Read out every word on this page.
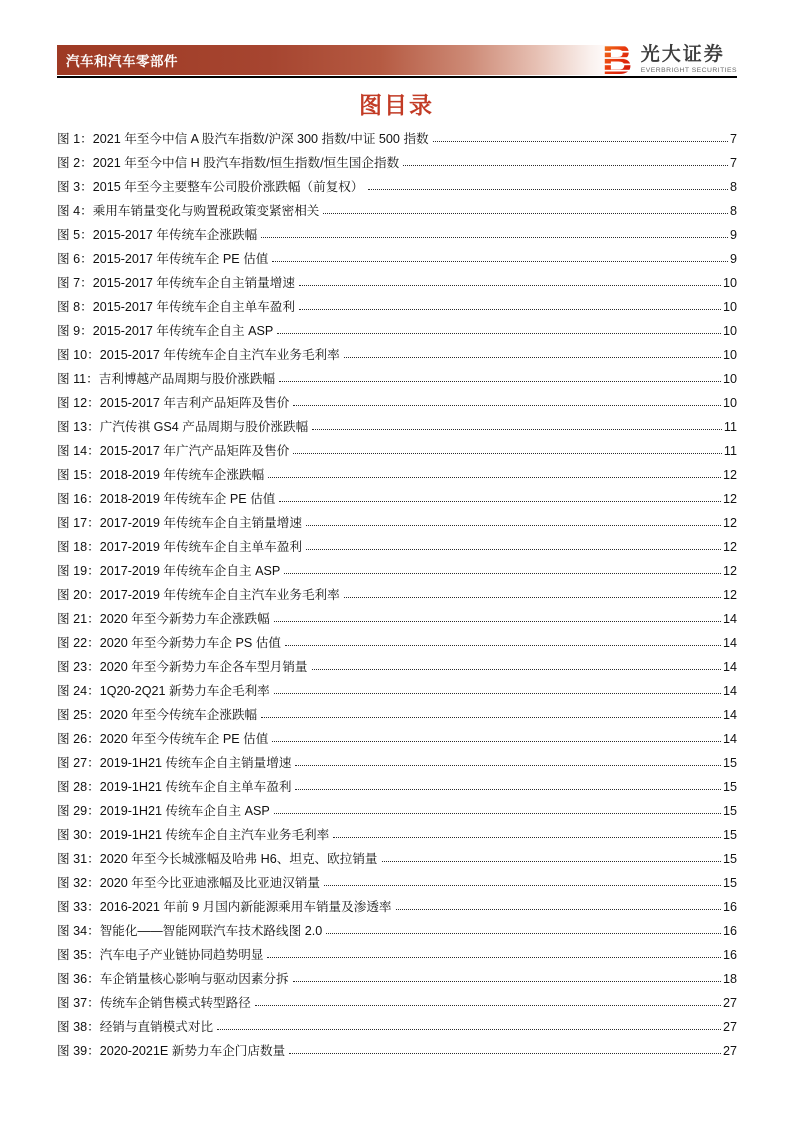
汽车和汽车零部件	光大证券
EVERBRIGHT SECURITIES
图目录
图 1： 2021 年至今中信 A 股汽车指数/沪深 300 指数/中证 500 指数	7
图 2： 2021 年至今中信 H 股汽车指数/恒生指数/恒生国企指数	7
图 3： 2015 年至今主要整车公司股价涨跌幅（前复权）	8
图 4： 乘用车销量变化与购置税政策变紧密相关	8
图 5： 2015-2017 年传统车企涨跌幅	9
图 6： 2015-2017 年传统车企 PE 估值	9
图 7： 2015-2017 年传统车企自主销量增速	10
图 8： 2015-2017 年传统车企自主单车盈利	10
图 9： 2015-2017 年传统车企自主 ASP	10
图 10： 2015-2017 年传统车企自主汽车业务毛利率	10
图 11： 吉利博越产品周期与股价涨跌幅	10
图 12： 2015-2017 年吉利产品矩阵及售价	10
图 13： 广汽传祺 GS4 产品周期与股价涨跌幅	11
图 14： 2015-2017 年广汽产品矩阵及售价	11
图 15： 2018-2019 年传统车企涨跌幅	12
图 16： 2018-2019 年传统车企 PE 估值	12
图 17： 2017-2019 年传统车企自主销量增速	12
图 18： 2017-2019 年传统车企自主单车盈利	12
图 19： 2017-2019 年传统车企自主 ASP	12
图 20： 2017-2019 年传统车企自主汽车业务毛利率	12
图 21： 2020 年至今新势力车企涨跌幅	14
图 22： 2020 年至今新势力车企 PS 估值	14
图 23： 2020 年至今新势力车企各车型月销量	14
图 24： 1Q20-2Q21 新势力车企毛利率	14
图 25： 2020 年至今传统车企涨跌幅	14
图 26： 2020 年至今传统车企 PE 估值	14
图 27： 2019-1H21 传统车企自主销量增速	15
图 28： 2019-1H21 传统车企自主单车盈利	15
图 29： 2019-1H21 传统车企自主 ASP	15
图 30： 2019-1H21 传统车企自主汽车业务毛利率	15
图 31： 2020 年至今长城涨幅及哈弗 H6、坦克、欧拉销量	15
图 32： 2020 年至今比亚迪涨幅及比亚迪汉销量	15
图 33： 2016-2021 年前 9 月国内新能源乘用车销量及渗透率	16
图 34： 智能化——智能网联汽车技术路线图 2.0	16
图 35： 汽车电子产业链协同趋势明显	16
图 36： 车企销量核心影响与驱动因素分拆	18
图 37： 传统车企销售模式转型路径	27
图 38： 经销与直销模式对比	27
图 39： 2020-2021E 新势力车企门店数量	27
